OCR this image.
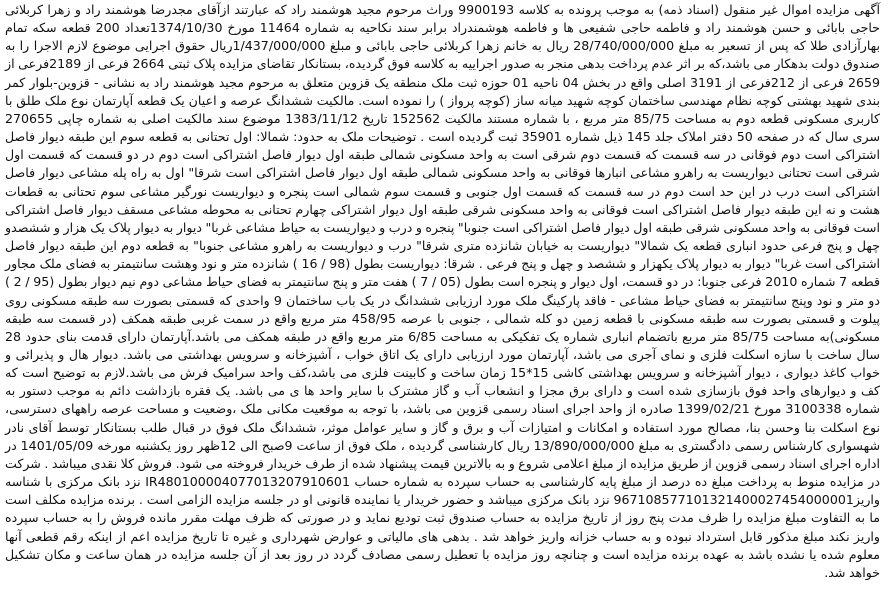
آگهی مزایده اموال غیر منقول (اسناد ذمه) به موجب پرونده به کلاسه 9900193 وراث مرحوم مجید هوشمند راد که عبارتند ازآقای مجدرضا هوشمند راد و زهرا کربلائی حاجی بابائی و حسن هوشمند راد و فاطمه حاجی شفیعی ها و فاطمه هوشمندراد برابر سند نکاحیه به شماره 11464 مورخ 1374/10/30تعداد 200 قطعه سکه تمام بهارآزادی طلا که پس از تسعیر به مبلغ 28/740/000/000 ریال به خانم زهرا کربلائی حاجی بابائی و مبلغ 1/437/000/000ریال حقوق اجرایی موضوع لازم الاجرا را به صندوق دولت بدهکار می باشد،که بر اثر عدم پرداخت بدهی منجر به صدور اجراییه به کلاسه فوق گردیده، بستانکار تقاضای مزایده پلاک ثبتی 2664 فرعی از 2189فرعی از 2659 فرعی از 212فرعی از 3191 اصلی واقع در بخش 04 ناحیه 01 حوزه ثبت ملک منطقه یک قزوین متعلق به مرحوم مجید هوشمند راد به نشانی - قزوین-بلوار کمر بندی شهید بهشتی کوچه نظام مهندسی ساختمان کوچه شهید میانه ساز (کوچه پرواز ) را نموده است. مالکیت ششدانگ عرصه و اعیان یک قطعه آپارتمان نوع ملک طلق با کاربری مسکونی قطعه دوم به مساحت 85/75 متر مربع ، با شماره مستند مالکیت 152562 تاریخ 1383/11/12 موضوع سند مالکیت اصلی به شماره چاپی 270655 سری سال که در صفحه 50 دفتر املاک جلد 145 ذیل شماره 35901 ثبت گردیده است . توضیحات ملک به حدود: شمالا: اول تحتانی به قطعه سوم این طبقه دیوار فاصل اشتراکی است دوم فوقانی در سه قسمت که قسمت دوم شرقی است به واحد مسکونی شمالی طبقه اول دیوار فاصل اشتراکی است دوم در دو قسمت که قسمت اول شرقی است تحتانی دیواریست به راهرو مشاعی انبارها فوقانی به واحد مسکونی شمالی طبقه اول دیوار فاصل اشتراکی است شرقا" اول به راه پله مشاعی دیوار فاصل اشتراکی است درب در این حد است دوم در سه قسمت که قسمت اول جنوبی و قسمت سوم شمالی است پنجره و دیواریست نورگیر مشاعی سوم تحتانی به قطعات هشت و نه این طبقه دیوار فاصل اشتراکی است فوقانی به واحد مسکونی شرقی طبقه اول دیوار اشتراکی چهارم تحتانی به محوطه مشاعی مسقف دیوار فاصل اشتراکی است فوقانی به واحد مسکونی شرقی طبقه اول دیوار فاصل اشتراکی است جنوبا" پنجره و درب و دیواریست به حیاط مشاعی غربا" دیوار به دیوار پلاک یک هزار و ششصدو چهل و پنج فرعی حدود انباری قطعه یک شمالا" دیواریست به خیابان شانزده متری شرقا" درب و دیواریست به راهرو مشاعی جنوبا" به قطعه دوم این طبقه دیوار فاصل اشتراکی است غربا" دیوار به دیوار پلاک یکهزار و ششصد و چهل و پنج فرعی . شرقا: دیواریست بطول (98 / 16 ) شانزده متر و نود وهشت سانتیمتر به فضای ملک مجاور قطعه 7 شماره 2010 فرعی جنوبا: در دو قسمت، اول دیوار و پنجره است بطول (05 / 7 ) هفت متر و پنج سانتیمتر به فضای حیاط مشاعی دوم نیم دیوار بطول (95 / 2 ) دو متر و نود وپنج سانتیمتر به فضای حیاط مشاعی - فاقد پارکینگ ملک مورد ارزیابی ششدانگ در یک باب ساختمان 9 واحدی که قسمتی بصورت سه طبقه مسکونی روی پیلوت و قسمتی بصورت سه طبقه مسکونی با قطعه زمین دو کله شمالی ، جنوبی با عرصه 458/95 متر مربع واقع در سمت غربی طبقه همکف (در قسمت سه طبقه مسکونی)به مساحت 85/75 متر مربع باتضمام انباری شماره یک تفکیکی به مساحت 6/85 متر مربع واقع در طبقه همکف می باشد.آپارتمان دارای قدمت بنای حدود 28 سال ساخت با سازه اسکلت فلزی و نمای آجری می باشد، آپارتمان مورد ارزیابی دارای یک اتاق خواب ، آشپزخانه و سرویس بهداشتی می باشد. دیوار هال و پذیرائی و خواب کاغذ دیواری ، دیوار آشپزخانه و سرویس بهداشتی کاشی 15*15 زمان ساخت و کابینت فلزی می باشد،کف واحد سرامیک فرش می باشد.لازم به توضیح است که کف و دیوارهای واحد فوق بازسازی شده است و دارای برق مجزا و انشعاب آب و گاز مشترک با سایر واحد ها ی می باشد. یک فقره بازداشت دائم به موجب دستور به شماره 3100338 مورخ 1399/02/21 صادره از واحد اجرای اسناد رسمی قزوین می باشد، با توجه به موقعیت مکانی ملک ،وضعیت و مساحت عرصه راههای دسترسی، نوع اسکلت بنا وحسن بنا، مصالح مورد استفاده و امکانات و امتیازات آب و برق و گاز و سایر عوامل موثر، ششدانگ ملک فوق در قبال طلب بستانکار توسط آقای نادر شهسواری کارشناس رسمی دادگستری به مبلغ 13/890/000/000 ریال کارشناسی گردیده ، ملک فوق از ساعت 9صبح الی 12ظهر روز یکشنبه مورخه 1401/05/09 در اداره اجرای اسناد رسمی قزوین از طریق مزایده از مبلغ اعلامی شروع و به بالاترین قیمت پیشنهاد شده از طرف خریدار فروخته می شود. فروش کلا نقدی میباشد . شرکت در مزایده منوط به پرداخت مبلغ ده درصد از مبلغ پایه کارشناسی به حساب سپرده به شماره حساب IR480100004077013207910601 نزد بانک مرکزی با شناسه واریز967108577101321400027454000001 نزد بانک مرکزی میباشد و حضور خریدار یا نماینده قانونی او در جلسه مزایده الزامی است . برنده مزایده مکلف است ما به التفاوت مبلغ مزایده را ظرف مدت پنج روز از تاریخ مزایده به حساب صندوق ثبت تودیع نماید و در صورتی که ظرف مهلت مقرر مانده فروش را به حساب سپرده واریز نکند مبلغ مذکور قابل استرداد نبوده و به حساب خزانه واریز خواهد شد . بدهی های مالیاتی و عوارض شهرداری و غیره تا تاریخ مزایده اعم از اینکه رقم قطعی آنها معلوم شده یا نشده باشد به عهده برنده مزایده است و چنانچه روز مزایده با تعطیل رسمی مصادف گردد در روز بعد از آن جلسه مزایده در همان ساعت و مکان تشکیل خواهد شد.
